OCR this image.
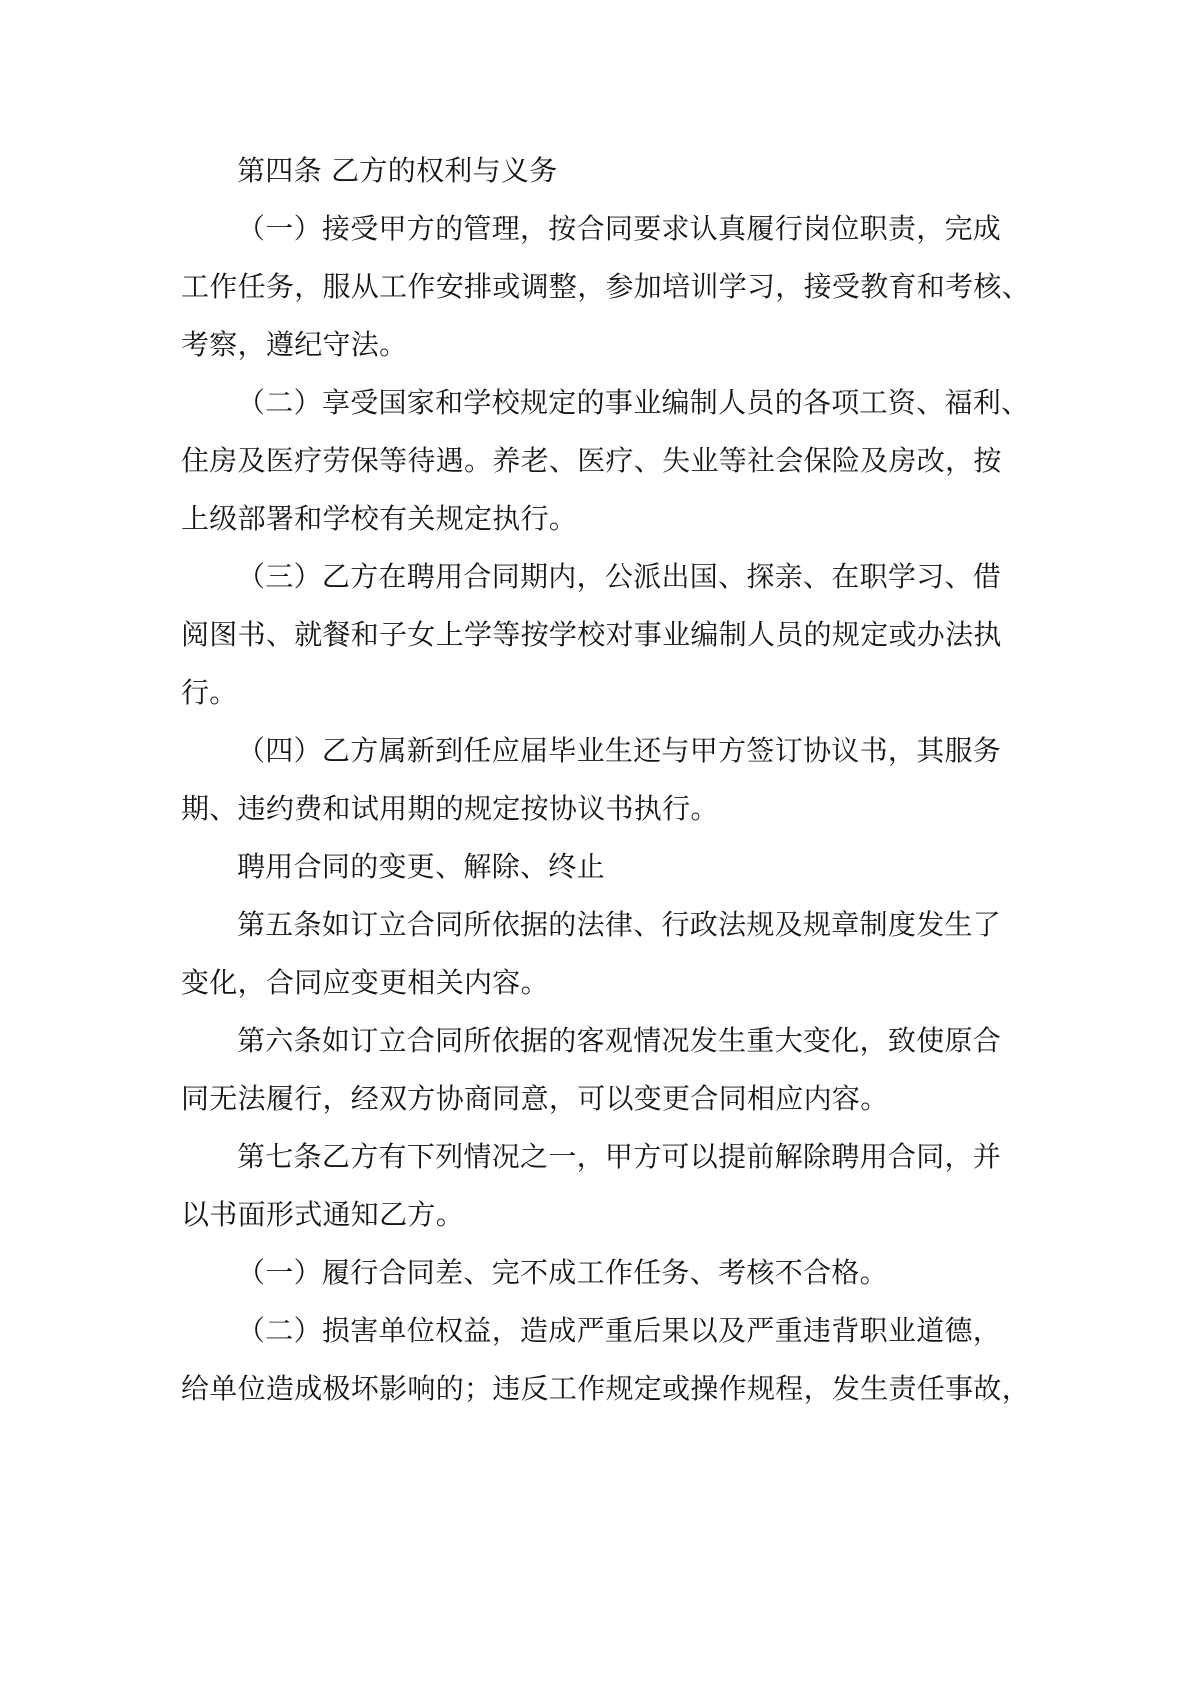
第四条 乙方的权利与义务

（一）接受甲方的管理，按合同要求认真履行岗位职责，完成

工作任务，服从工作安排或调整，参加培训学习，接受教育和考核、

考察，遵纪守法。

（二）享受国家和学校规定的事业编制人员的各项工资、福利、

住房及医疗劳保等待遇。养老、医疗、失业等社会保险及房改，按

上级部署和学校有关规定执行。

（三）乙方在聘用合同期内，公派出国、探亲、在职学习、借

阅图书、就餐和子女上学等按学校对事业编制人员的规定或办法执

行。

（四）乙方属新到任应届毕业生还与甲方签订协议书，其服务

期、违约费和试用期的规定按协议书执行。

聘用合同的变更、解除、终止

第五条如订立合同所依据的法律、行政法规及规章制度发生了

变化，合同应变更相关内容。

第六条如订立合同所依据的客观情况发生重大变化，致使原合

同无法履行，经双方协商同意，可以变更合同相应内容。

第七条乙方有下列情况之一，甲方可以提前解除聘用合同，并

以书面形式通知乙方。

（一）履行合同差、完不成工作任务、考核不合格。

（二）损害单位权益，造成严重后果以及严重违背职业道德，

给单位造成极坏影响的；违反工作规定或操作规程，发生责任事故，
